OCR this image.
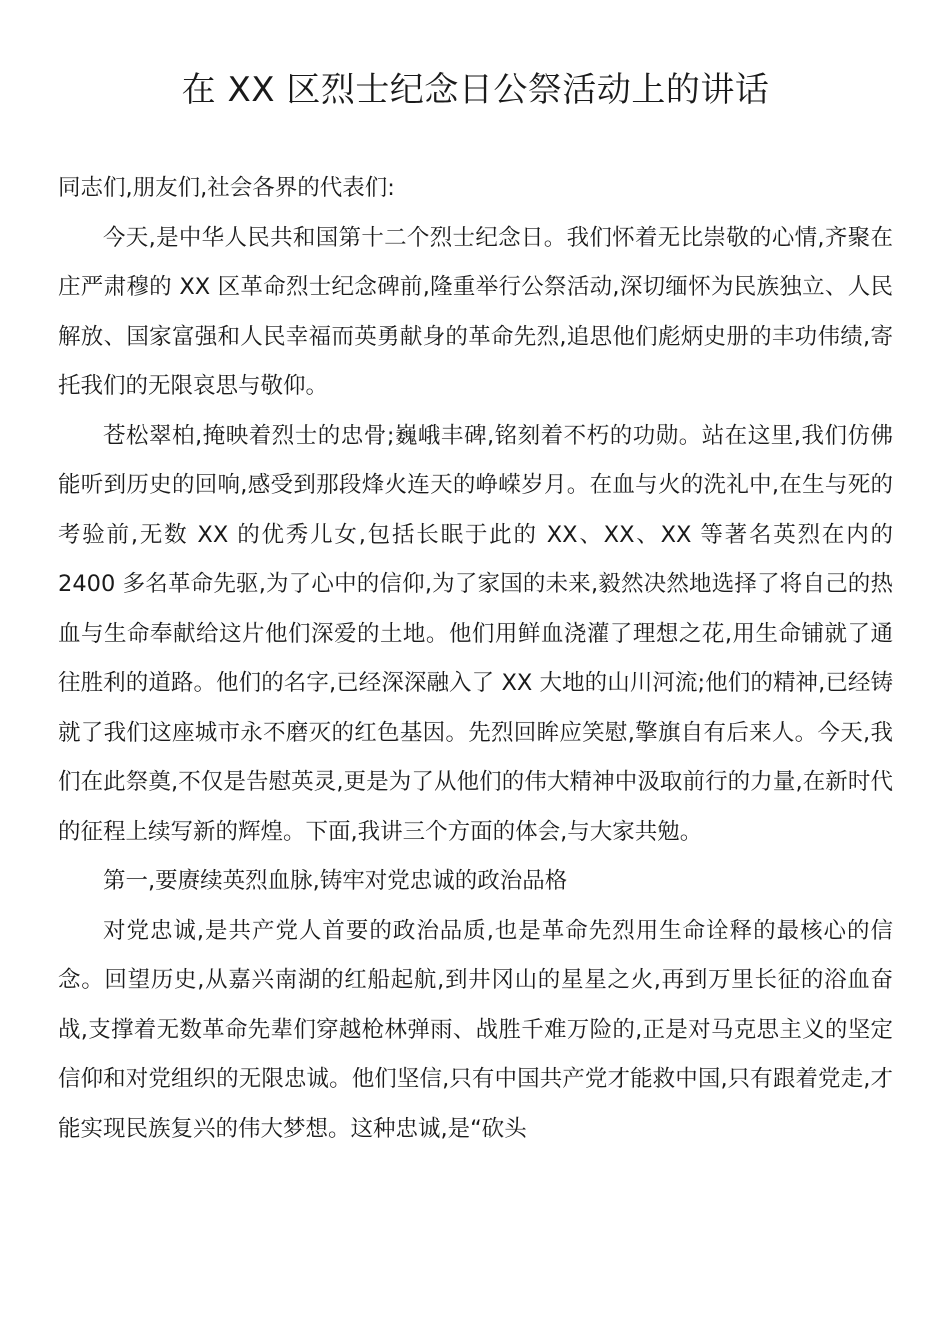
在 XX 区烈士纪念日公祭活动上的讲话

同志们,朋友们,社会各界的代表们:

今天,是中华人民共和国第十二个烈士纪念日。我们怀着无比崇敬的心情,齐聚在庄严肃穆的 XX 区革命烈士纪念碑前,隆重举行公祭活动,深切缅怀为民族独立、人民解放、国家富强和人民幸福而英勇献身的革命先烈,追思他们彪炳史册的丰功伟绩,寄托我们的无限哀思与敬仰。

苍松翠柏,掩映着烈士的忠骨;巍峨丰碑,铭刻着不朽的功勋。站在这里,我们仿佛能听到历史的回响,感受到那段烽火连天的峥嵘岁月。在血与火的洗礼中,在生与死的考验前,无数 XX 的优秀儿女,包括长眠于此的 XX、XX、XX 等著名英烈在内的 2400 多名革命先驱,为了心中的信仰,为了家国的未来,毅然决然地选择了将自己的热血与生命奉献给这片他们深爱的土地。他们用鲜血浇灌了理想之花,用生命铺就了通往胜利的道路。他们的名字,已经深深融入了 XX 大地的山川河流;他们的精神,已经铸就了我们这座城市永不磨灭的红色基因。先烈回眸应笑慰,擎旗自有后来人。今天,我们在此祭奠,不仅是告慰英灵,更是为了从他们的伟大精神中汲取前行的力量,在新时代的征程上续写新的辉煌。下面,我讲三个方面的体会,与大家共勉。

第一,要赓续英烈血脉,铸牢对党忠诚的政治品格

对党忠诚,是共产党人首要的政治品质,也是革命先烈用生命诠释的最核心的信念。回望历史,从嘉兴南湖的红船起航,到井冈山的星星之火,再到万里长征的浴血奋战,支撑着无数革命先辈们穿越枪林弹雨、战胜千难万险的,正是对马克思主义的坚定信仰和对党组织的无限忠诚。他们坚信,只有中国共产党才能救中国,只有跟着党走,才能实现民族复兴的伟大梦想。这种忠诚,是“砍头
